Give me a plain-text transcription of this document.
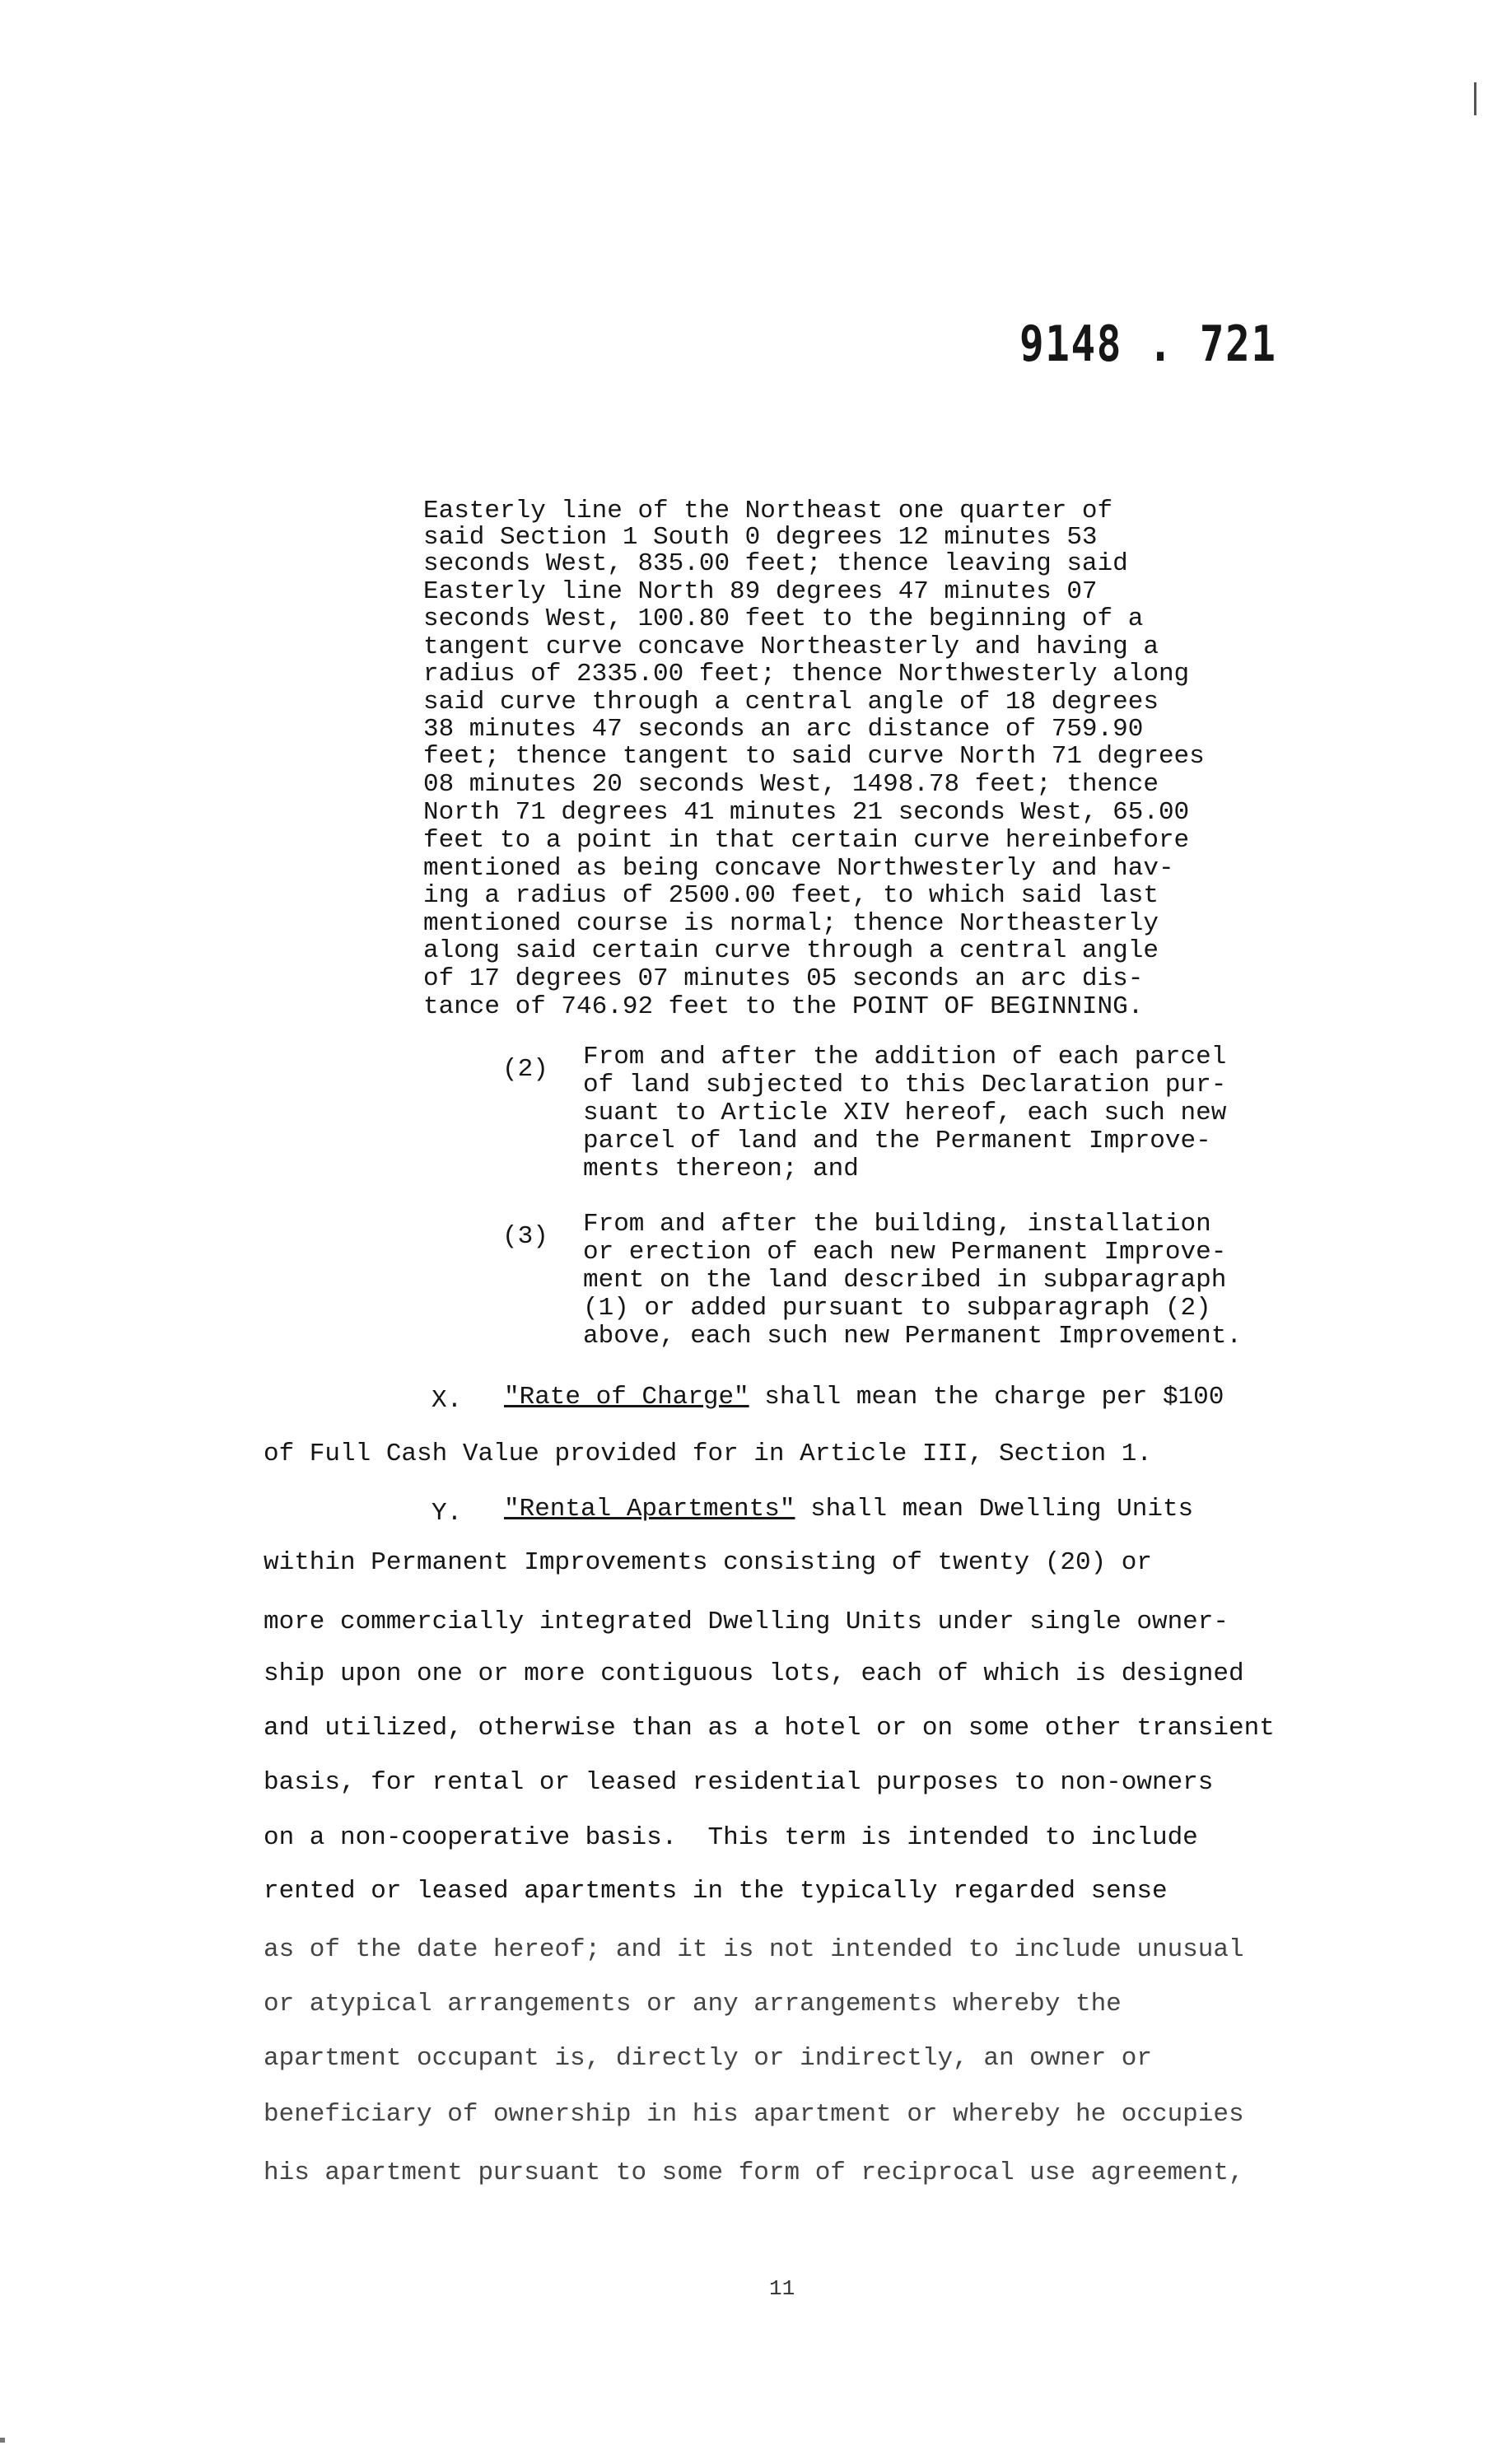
9148 . 721
Easterly line of the Northeast one quarter of
said Section 1 South 0 degrees 12 minutes 53
seconds West, 835.00 feet; thence leaving said
Easterly line North 89 degrees 47 minutes 07
seconds West, 100.80 feet to the beginning of a
tangent curve concave Northeasterly and having a
radius of 2335.00 feet; thence Northwesterly along
said curve through a central angle of 18 degrees
38 minutes 47 seconds an arc distance of 759.90
feet; thence tangent to said curve North 71 degrees
08 minutes 20 seconds West, 1498.78 feet; thence
North 71 degrees 41 minutes 21 seconds West, 65.00
feet to a point in that certain curve hereinbefore
mentioned as being concave Northwesterly and hav-
ing a radius of 2500.00 feet, to which said last
mentioned course is normal; thence Northeasterly
along said certain curve through a central angle
of 17 degrees 07 minutes 05 seconds an arc dis-
tance of 746.92 feet to the POINT OF BEGINNING.
(2) From and after the addition of each parcel
of land subjected to this Declaration pur-
suant to Article XIV hereof, each such new
parcel of land and the Permanent Improve-
ments thereon; and
(3) From and after the building, installation
or erection of each new Permanent Improve-
ment on the land described in subparagraph
(1) or added pursuant to subparagraph (2)
above, each such new Permanent Improvement.
X. "Rate of Charge" shall mean the charge per $100
of Full Cash Value provided for in Article III, Section 1.
Y. "Rental Apartments" shall mean Dwelling Units
within Permanent Improvements consisting of twenty (20) or
more commercially integrated Dwelling Units under single owner-
ship upon one or more contiguous lots, each of which is designed
and utilized, otherwise than as a hotel or on some other transient
basis, for rental or leased residential purposes to non-owners
on a non-cooperative basis.  This term is intended to include
rented or leased apartments in the typically regarded sense
as of the date hereof; and it is not intended to include unusual
or atypical arrangements or any arrangements whereby the
apartment occupant is, directly or indirectly, an owner or
beneficiary of ownership in his apartment or whereby he occupies
his apartment pursuant to some form of reciprocal use agreement,
11
